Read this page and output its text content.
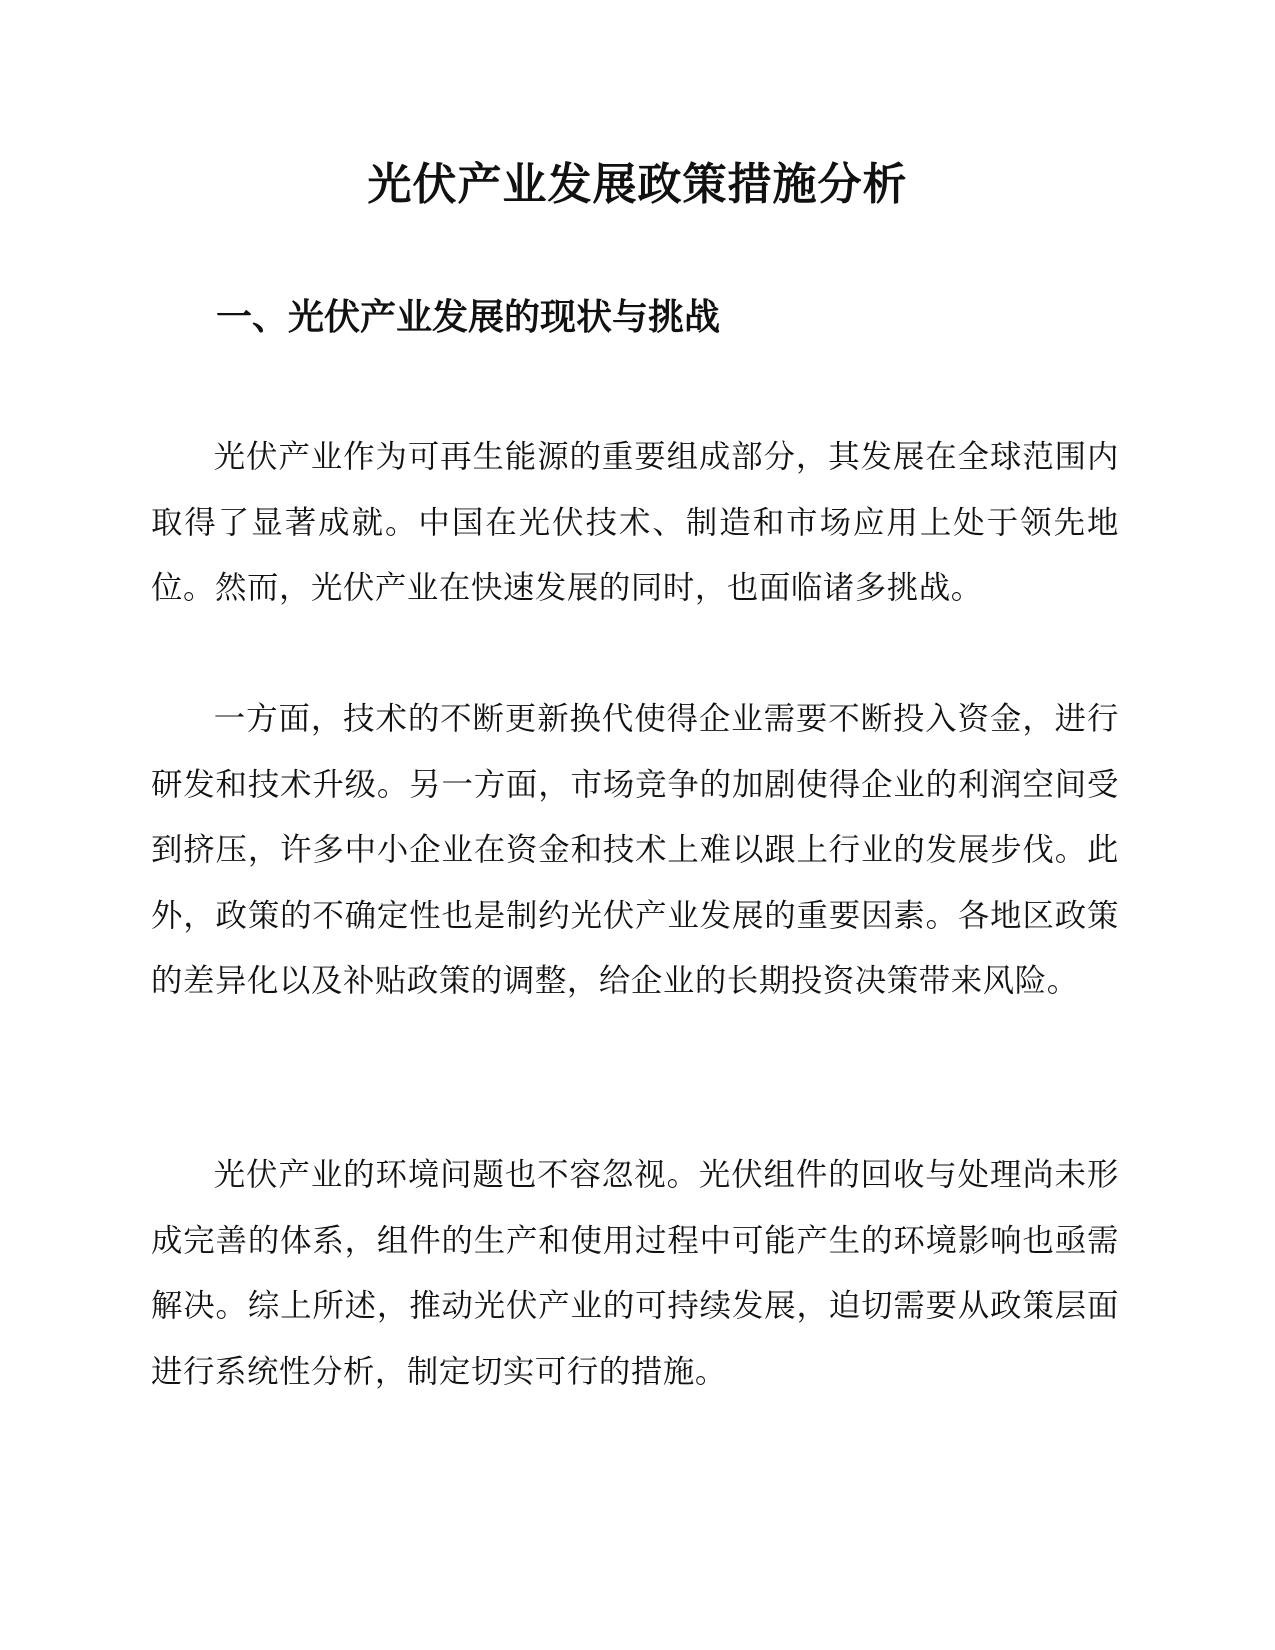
光伏产业发展政策措施分析
一、光伏产业发展的现状与挑战

光伏产业作为可再生能源的重要组成部分，其发展在全球范围内取得了显著成就。中国在光伏技术、制造和市场应用上处于领先地位。然而，光伏产业在快速发展的同时，也面临诸多挑战。

一方面，技术的不断更新换代使得企业需要不断投入资金，进行研发和技术升级。另一方面，市场竞争的加剧使得企业的利润空间受到挤压，许多中小企业在资金和技术上难以跟上行业的发展步伐。此外，政策的不确定性也是制约光伏产业发展的重要因素。各地区政策的差异化以及补贴政策的调整，给企业的长期投资决策带来风险。

光伏产业的环境问题也不容忽视。光伏组件的回收与处理尚未形成完善的体系，组件的生产和使用过程中可能产生的环境影响也亟需解决。综上所述，推动光伏产业的可持续发展，迫切需要从政策层面进行系统性分析，制定切实可行的措施。
